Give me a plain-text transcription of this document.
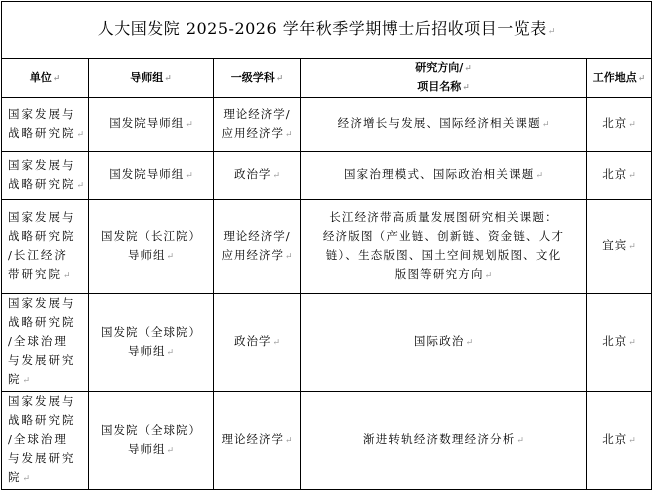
人大国发院 2025-2026 学年秋季学期博士后招收项目一览表↵				
单位↵	导师组↵	一级学科↵	研究方向/↵
项目名称↵	工作地点↵

国家发展与
战略研究院↵	国发院导师组↵	理论经济学/
应用经济学↵	经济增长与发展、国际经济相关课题↵	北京↵

国家发展与
战略研究院↵	国发院导师组↵	政治学↵	国家治理模式、国际政治相关课题↵	北京↵

国家发展与
战略研究院
/长江经济
带研究院↵	国发院（长江院）
导师组↵	理论经济学/
应用经济学↵	长江经济带高质量发展图研究相关课题：
经济版图（产业链、创新链、资金链、人才
链）、生态版图、国土空间规划版图、文化
版图等研究方向↵	宜宾↵

国家发展与
战略研究院
/全球治理
与发展研究
院↵	国发院（全球院）
导师组↵	政治学↵	国际政治↵	北京↵

国家发展与
战略研究院
/全球治理
与发展研究
院↵	国发院（全球院）
导师组↵	理论经济学↵	渐进转轨经济数理经济分析↵	北京↵
